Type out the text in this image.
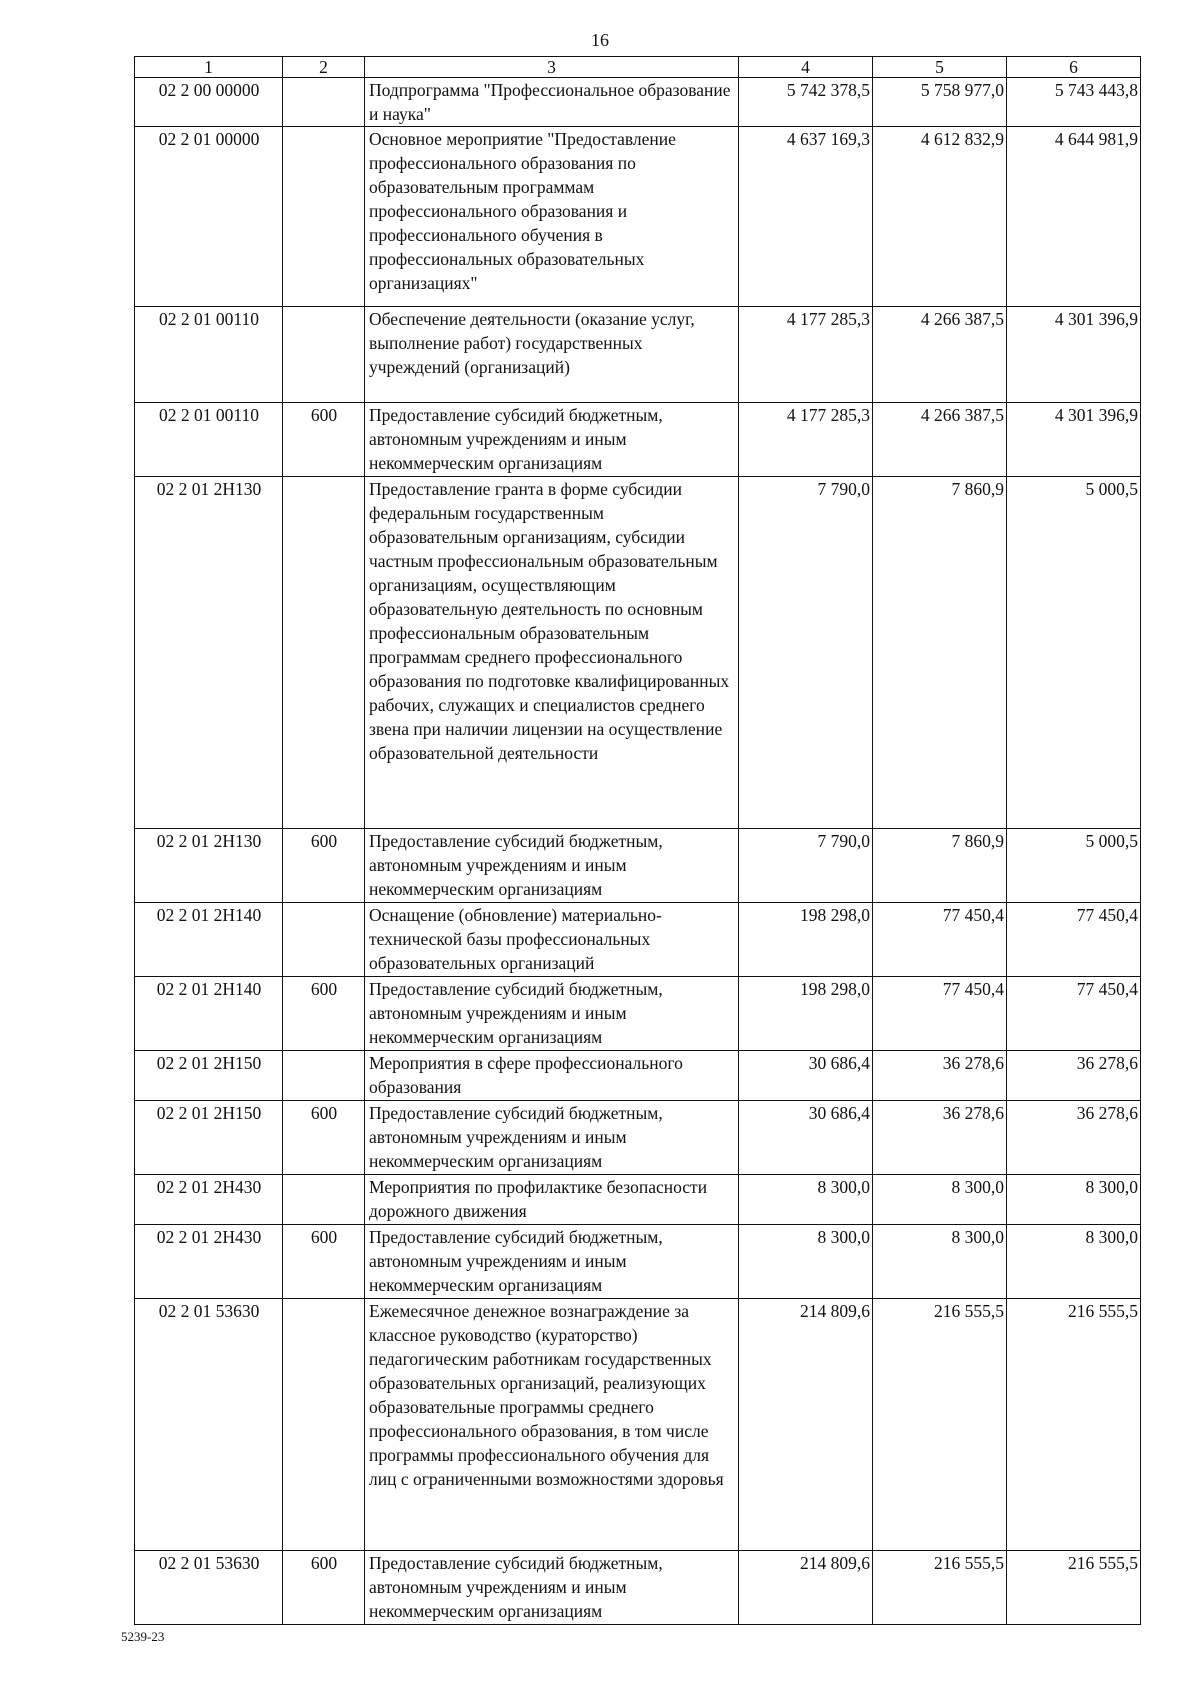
16
1	2	3	4	5	6
02 2 00 00000		Подпрограмма "Профессиональное образование и наука"	5 742 378,5	5 758 977,0	5 743 443,8
02 2 01 00000		Основное мероприятие "Предоставление профессионального образования по образовательным программам профессионального образования и профессионального обучения в профессиональных образовательных организациях"	4 637 169,3	4 612 832,9	4 644 981,9
02 2 01 00110		Обеспечение деятельности (оказание услуг, выполнение работ) государственных учреждений (организаций)	4 177 285,3	4 266 387,5	4 301 396,9
02 2 01 00110	600	Предоставление субсидий бюджетным, автономным учреждениям и иным некоммерческим организациям	4 177 285,3	4 266 387,5	4 301 396,9
02 2 01 2Н130		Предоставление гранта в форме субсидии федеральным государственным образовательным организациям, субсидии частным профессиональным образовательным организациям, осуществляющим образовательную деятельность по основным профессиональным образовательным программам среднего профессионального образования по подготовке квалифицированных рабочих, служащих и специалистов среднего звена при наличии лицензии на осуществление образовательной деятельности	7 790,0	7 860,9	5 000,5
02 2 01 2Н130	600	Предоставление субсидий бюджетным, автономным учреждениям и иным некоммерческим организациям	7 790,0	7 860,9	5 000,5
02 2 01 2Н140		Оснащение (обновление) материально-технической базы профессиональных образовательных организаций	198 298,0	77 450,4	77 450,4
02 2 01 2Н140	600	Предоставление субсидий бюджетным, автономным учреждениям и иным некоммерческим организациям	198 298,0	77 450,4	77 450,4
02 2 01 2Н150		Мероприятия в сфере профессионального образования	30 686,4	36 278,6	36 278,6
02 2 01 2Н150	600	Предоставление субсидий бюджетным, автономным учреждениям и иным некоммерческим организациям	30 686,4	36 278,6	36 278,6
02 2 01 2Н430		Мероприятия по профилактике безопасности дорожного движения	8 300,0	8 300,0	8 300,0
02 2 01 2Н430	600	Предоставление субсидий бюджетным, автономным учреждениям и иным некоммерческим организациям	8 300,0	8 300,0	8 300,0
02 2 01 53630		Ежемесячное денежное вознаграждение за классное руководство (кураторство) педагогическим работникам государственных образовательных организаций, реализующих образовательные программы среднего профессионального образования, в том числе программы профессионального обучения для лиц с ограниченными возможностями здоровья	214 809,6	216 555,5	216 555,5
02 2 01 53630	600	Предоставление субсидий бюджетным, автономным учреждениям и иным некоммерческим организациям	214 809,6	216 555,5	216 555,5
5239-23
